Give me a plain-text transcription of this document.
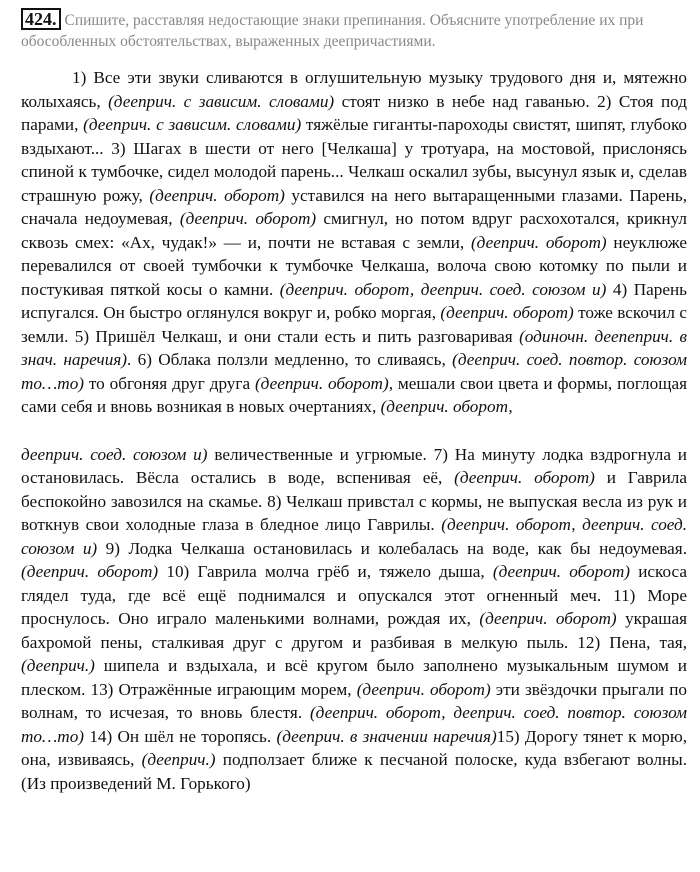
424. Спишите, расставляя недостающие знаки препинания. Объясните употребление их при обособленных обстоятельствах, выраженных деепричастиями.

1) Все эти звуки сливаются в оглушительную музыку трудового дня и, мятежно колыхаясь, (дееприч. с зависим. словами) стоят низко в небе над гаванью. 2) Стоя под парами, (дееприч. с зависим. словами) тяжёлые гиганты-пароходы свистят, шипят, глубоко вздыхают... 3) Шагах в шести от него [Челкаша] у тротуара, на мостовой, прислонясь спиной к тумбочке, сидел молодой парень... Челкаш оскалил зубы, высунул язык и, сделав страшную рожу, (дееприч. оборот) уставился на него вытаращенными глазами. Парень, сначала недоумевая, (дееприч. оборот) смигнул, но потом вдруг расхохотался, крикнул сквозь смех: «Ах, чудак!» — и, почти не вставая с земли, (дееприч. оборот) неуклюже перевалился от своей тумбочки к тумбочке Челкаша, волоча свою котомку по пыли и постукивая пяткой косы о камни. (дееприч. оборот, дееприч. соед. союзом и) 4) Парень испугался. Он быстро оглянулся вокруг и, робко моргая, (дееприч. оборот) тоже вскочил с земли. 5) Пришёл Челкаш, и они стали есть и пить разговаривая (одиночн. деепеприч. в знач. наречия). 6) Облака ползли медленно, то сливаясь, (дееприч. соед. повтор. союзом то…то) то обгоняя друг друга (дееприч. оборот), мешали свои цвета и формы, поглощая сами себя и вновь возникая в новых очертаниях, (дееприч. оборот,

дееприч. соед. союзом и) величественные и угрюмые. 7) На минуту лодка вздрогнула и остановилась. Вёсла остались в воде, вспенивая её, (дееприч. оборот) и Гаврила беспокойно завозился на скамье. 8) Челкаш привстал с кормы, не выпуская весла из рук и воткнув свои холодные глаза в бледное лицо Гаврилы. (дееприч. оборот, дееприч. соед. союзом и) 9) Лодка Челкаша остановилась и колебалась на воде, как бы недоумевая. (дееприч. оборот) 10) Гаврила молча грёб и, тяжело дыша, (дееприч. оборот) искоса глядел туда, где всё ещё поднимался и опускался этот огненный меч. 11) Море проснулось. Оно играло маленькими волнами, рождая их, (дееприч. оборот) украшая бахромой пены, сталкивая друг с другом и разбивая в мелкую пыль. 12) Пена, тая, (дееприч.) шипела и вздыхала, и всё кругом было заполнено музыкальным шумом и плеском. 13) Отражённые играющим морем, (дееприч. оборот) эти звёздочки прыгали по волнам, то исчезая, то вновь блестя. (дееприч. оборот, дееприч. соед. повтор. союзом то…то) 14) Он шёл не торопясь. (дееприч. в значении наречия)15) Дорогу тянет к морю, она, извиваясь, (дееприч.) подползает ближе к песчаной полоске, куда взбегают волны. (Из произведений М. Горького)
